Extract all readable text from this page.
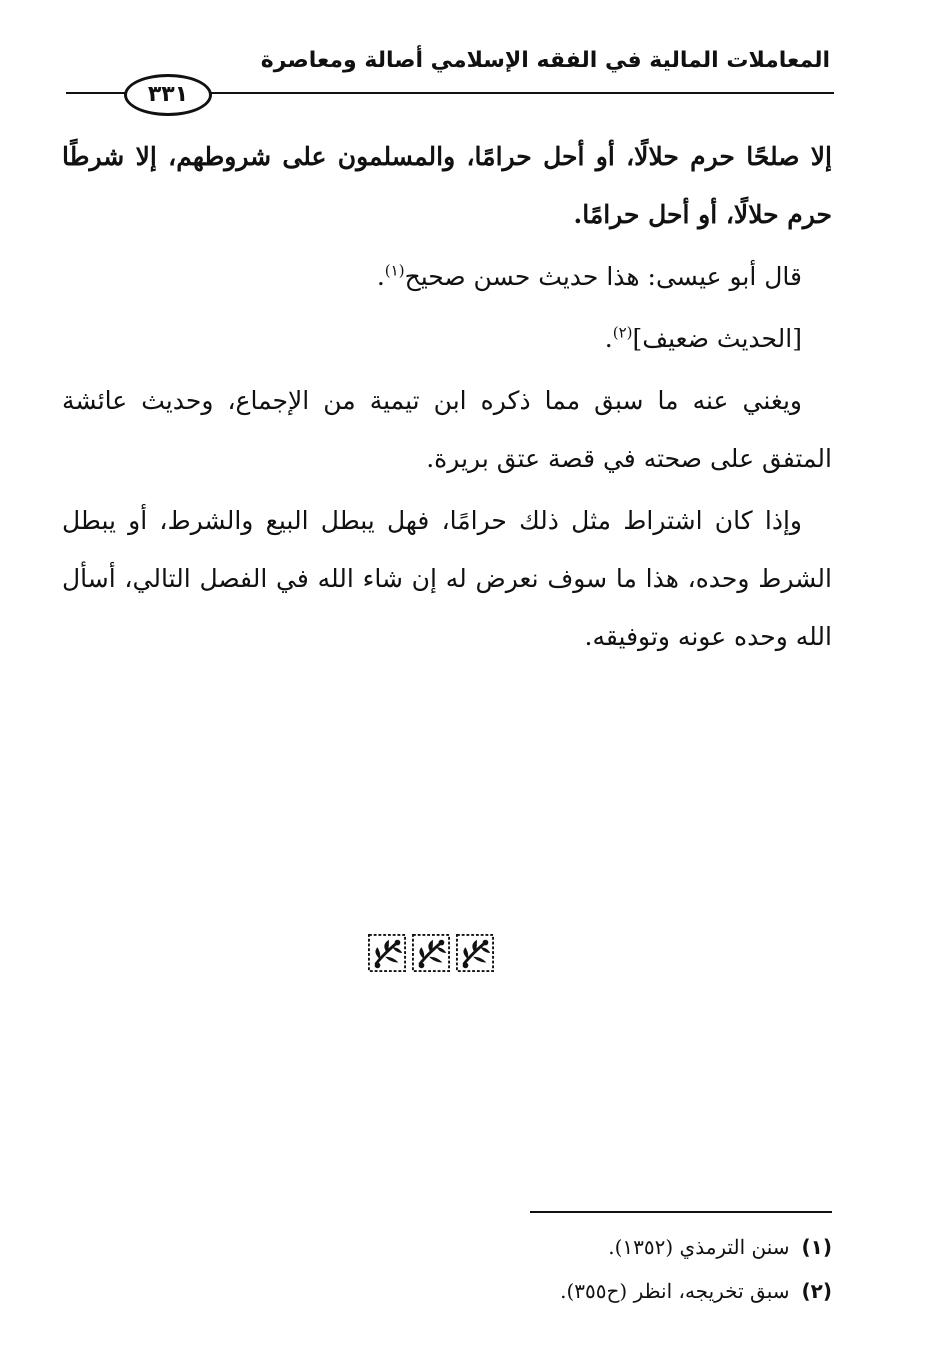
المعاملات المالية في الفقه الإسلامي أصالة ومعاصرة
٣٣١

إلا صلحًا حرم حلالًا، أو أحل حرامًا، والمسلمون على شروطهم، إلا شرطًا حرم حلالًا، أو أحل حرامًا.

قال أبو عيسى: هذا حديث حسن صحيح$^{(١)}$.

[الحديث ضعيف]$^{(٢)}$.

ويغني عنه ما سبق مما ذكره ابن تيمية من الإجماع، وحديث عائشة المتفق على صحته في قصة عتق بريرة.

وإذا كان اشتراط مثل ذلك حرامًا، فهل يبطل البيع والشرط، أو يبطل الشرط وحده، هذا ما سوف نعرض له إن شاء الله في الفصل التالي، أسأل الله وحده عونه وتوفيقه.

(١)
سنن الترمذي (١٣٥٢).
(٢)
سبق تخريجه، انظر (ح٣٥٥).
